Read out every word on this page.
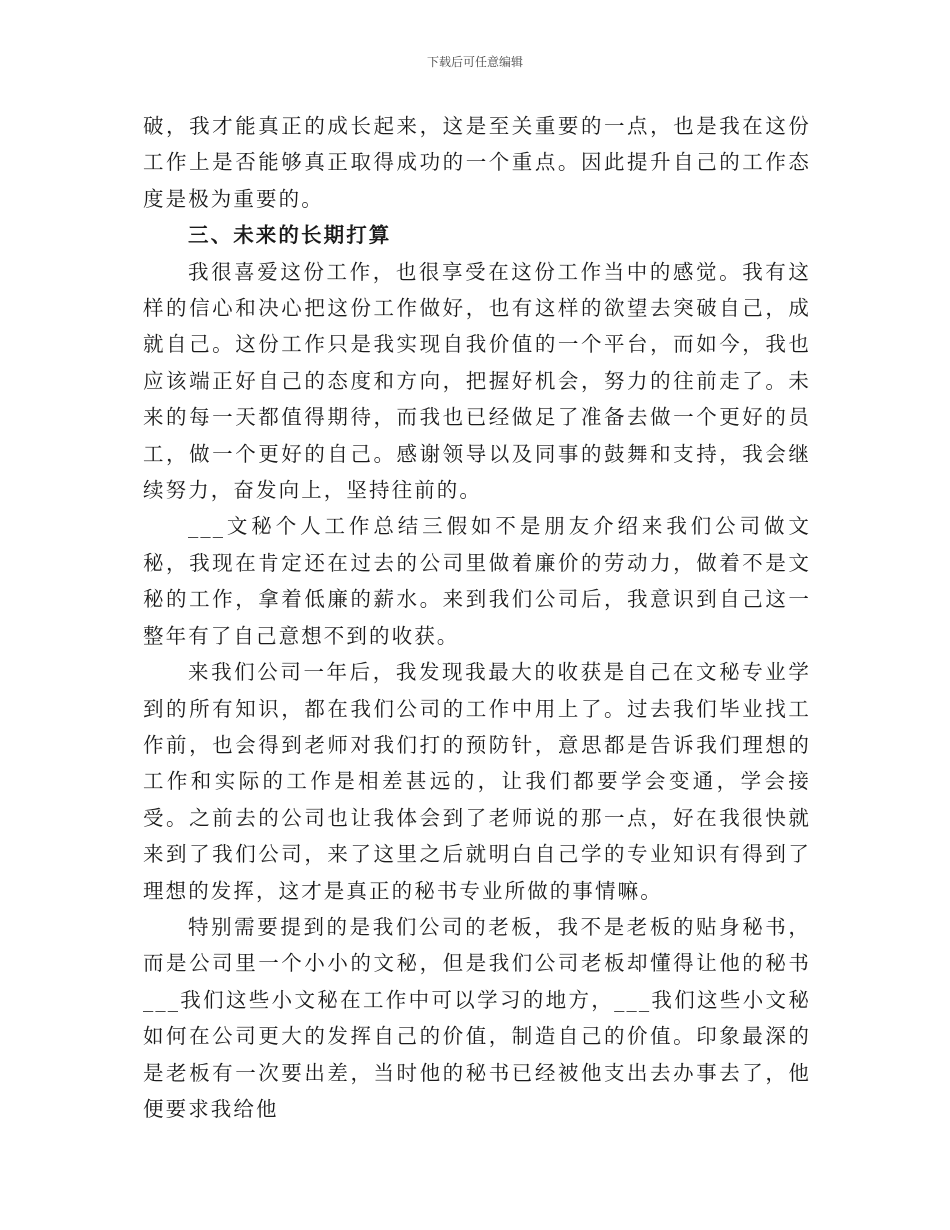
下载后可任意编辑

破，我才能真正的成长起来，这是至关重要的一点，也是我在这份工作上是否能够真正取得成功的一个重点。因此提升自己的工作态度是极为重要的。

三、未来的长期打算

我很喜爱这份工作，也很享受在这份工作当中的感觉。我有这样的信心和决心把这份工作做好，也有这样的欲望去突破自己，成就自己。这份工作只是我实现自我价值的一个平台，而如今，我也应该端正好自己的态度和方向，把握好机会，努力的往前走了。未来的每一天都值得期待，而我也已经做足了准备去做一个更好的员工，做一个更好的自己。感谢领导以及同事的鼓舞和支持，我会继续努力，奋发向上，坚持往前的。

___文秘个人工作总结三假如不是朋友介绍来我们公司做文秘，我现在肯定还在过去的公司里做着廉价的劳动力，做着不是文秘的工作，拿着低廉的薪水。来到我们公司后，我意识到自己这一整年有了自己意想不到的收获。

来我们公司一年后，我发现我最大的收获是自己在文秘专业学到的所有知识，都在我们公司的工作中用上了。过去我们毕业找工作前，也会得到老师对我们打的预防针，意思都是告诉我们理想的工作和实际的工作是相差甚远的，让我们都要学会变通，学会接受。之前去的公司也让我体会到了老师说的那一点，好在我很快就来到了我们公司，来了这里之后就明白自己学的专业知识有得到了理想的发挥，这才是真正的秘书专业所做的事情嘛。

特别需要提到的是我们公司的老板，我不是老板的贴身秘书，而是公司里一个小小的文秘，但是我们公司老板却懂得让他的秘书___我们这些小文秘在工作中可以学习的地方，___我们这些小文秘如何在公司更大的发挥自己的价值，制造自己的价值。印象最深的是老板有一次要出差，当时他的秘书已经被他支出去办事去了，他便要求我给他
